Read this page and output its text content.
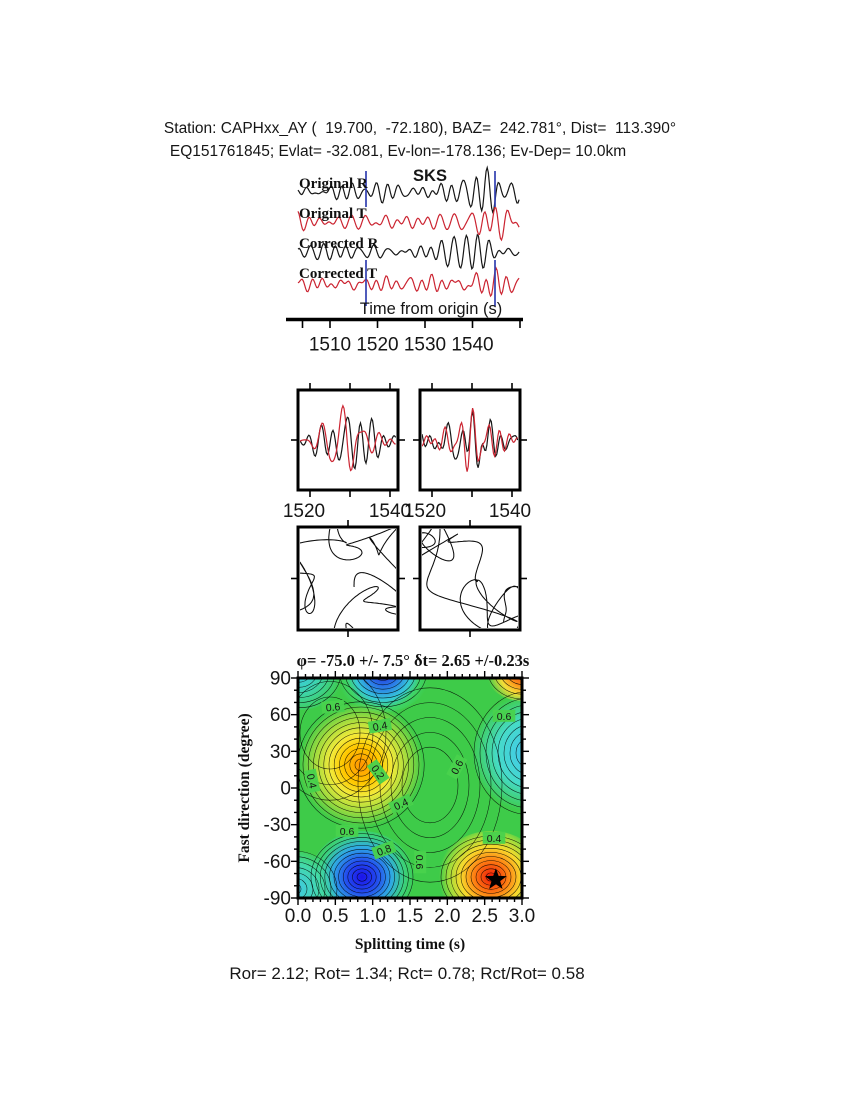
Station: CAPHxx_AY (  19.700,  -72.180), BAZ=  242.781°, Dist=  113.390°
EQ151761845; Evlat= -32.081, Ev-lon=-178.136; Ev-Dep= 10.0km
SKS
Original R
Original T
Corrected R
Corrected T
Time from origin (s)
1510 1520 1530 1540
1520 1540
1520 1540
φ= -75.0 +/- 7.5° δt= 2.65 +/-0.23s
0.6
0.4
0.6
0.4	0.2	0.6
0.4
0.6
0.8
0.6
0.4
90
60
30
0
-30
-60
-90
0.0 0.5 1.0 1.5 2.0 2.5 3.0
Fast direction (degree)
Splitting time (s)
Ror= 2.12; Rot= 1.34; Rct= 0.78; Rct/Rot= 0.58
